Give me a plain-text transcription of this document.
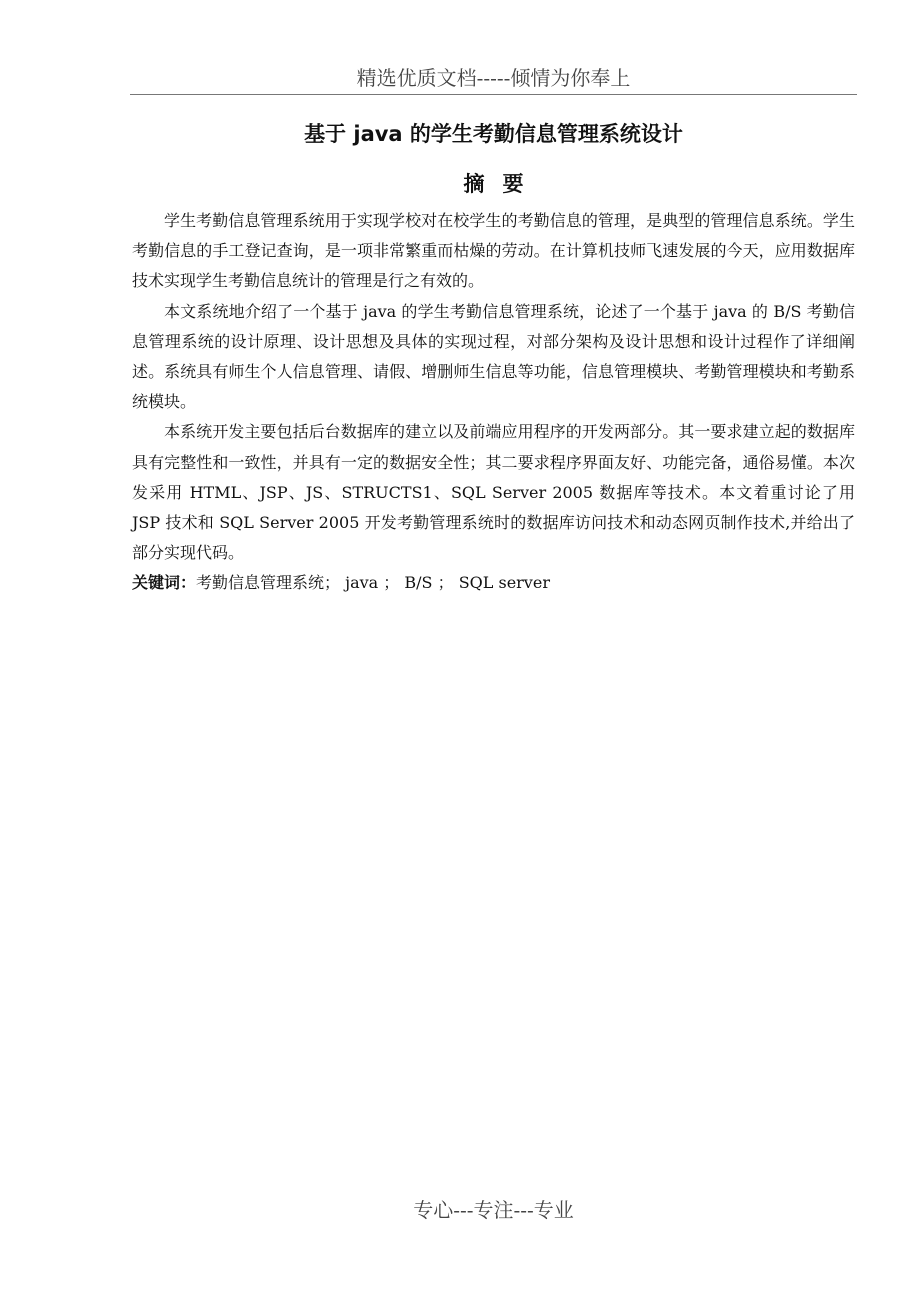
精选优质文档-----倾情为你奉上
基于 java 的学生考勤信息管理系统设计
摘要

学生考勤信息管理系统用于实现学校对在校学生的考勤信息的管理，是典型的管理信息系统。学生考勤信息的手工登记查询，是一项非常繁重而枯燥的劳动。在计算机技师飞速发展的今天，应用数据库技术实现学生考勤信息统计的管理是行之有效的。

本文系统地介绍了一个基于 java 的学生考勤信息管理系统，论述了一个基于 java 的 B/S 考勤信息管理系统的设计原理、设计思想及具体的实现过程，对部分架构及设计思想和设计过程作了详细阐述。系统具有师生个人信息管理、请假、增删师生信息等功能，信息管理模块、考勤管理模块和考勤系统模块。

本系统开发主要包括后台数据库的建立以及前端应用程序的开发两部分。其一要求建立起的数据库具有完整性和一致性，并具有一定的数据安全性；其二要求程序界面友好、功能完备，通俗易懂。本次发采用 HTML、JSP、JS、STRUCTS1、SQL Server 2005 数据库等技术。本文着重讨论了用 JSP 技术和 SQL Server 2005 开发考勤管理系统时的数据库访问技术和动态网页制作技术,并给出了部分实现代码。

关键词：考勤信息管理系统； java ； B/S ； SQL server

专心---专注---专业
